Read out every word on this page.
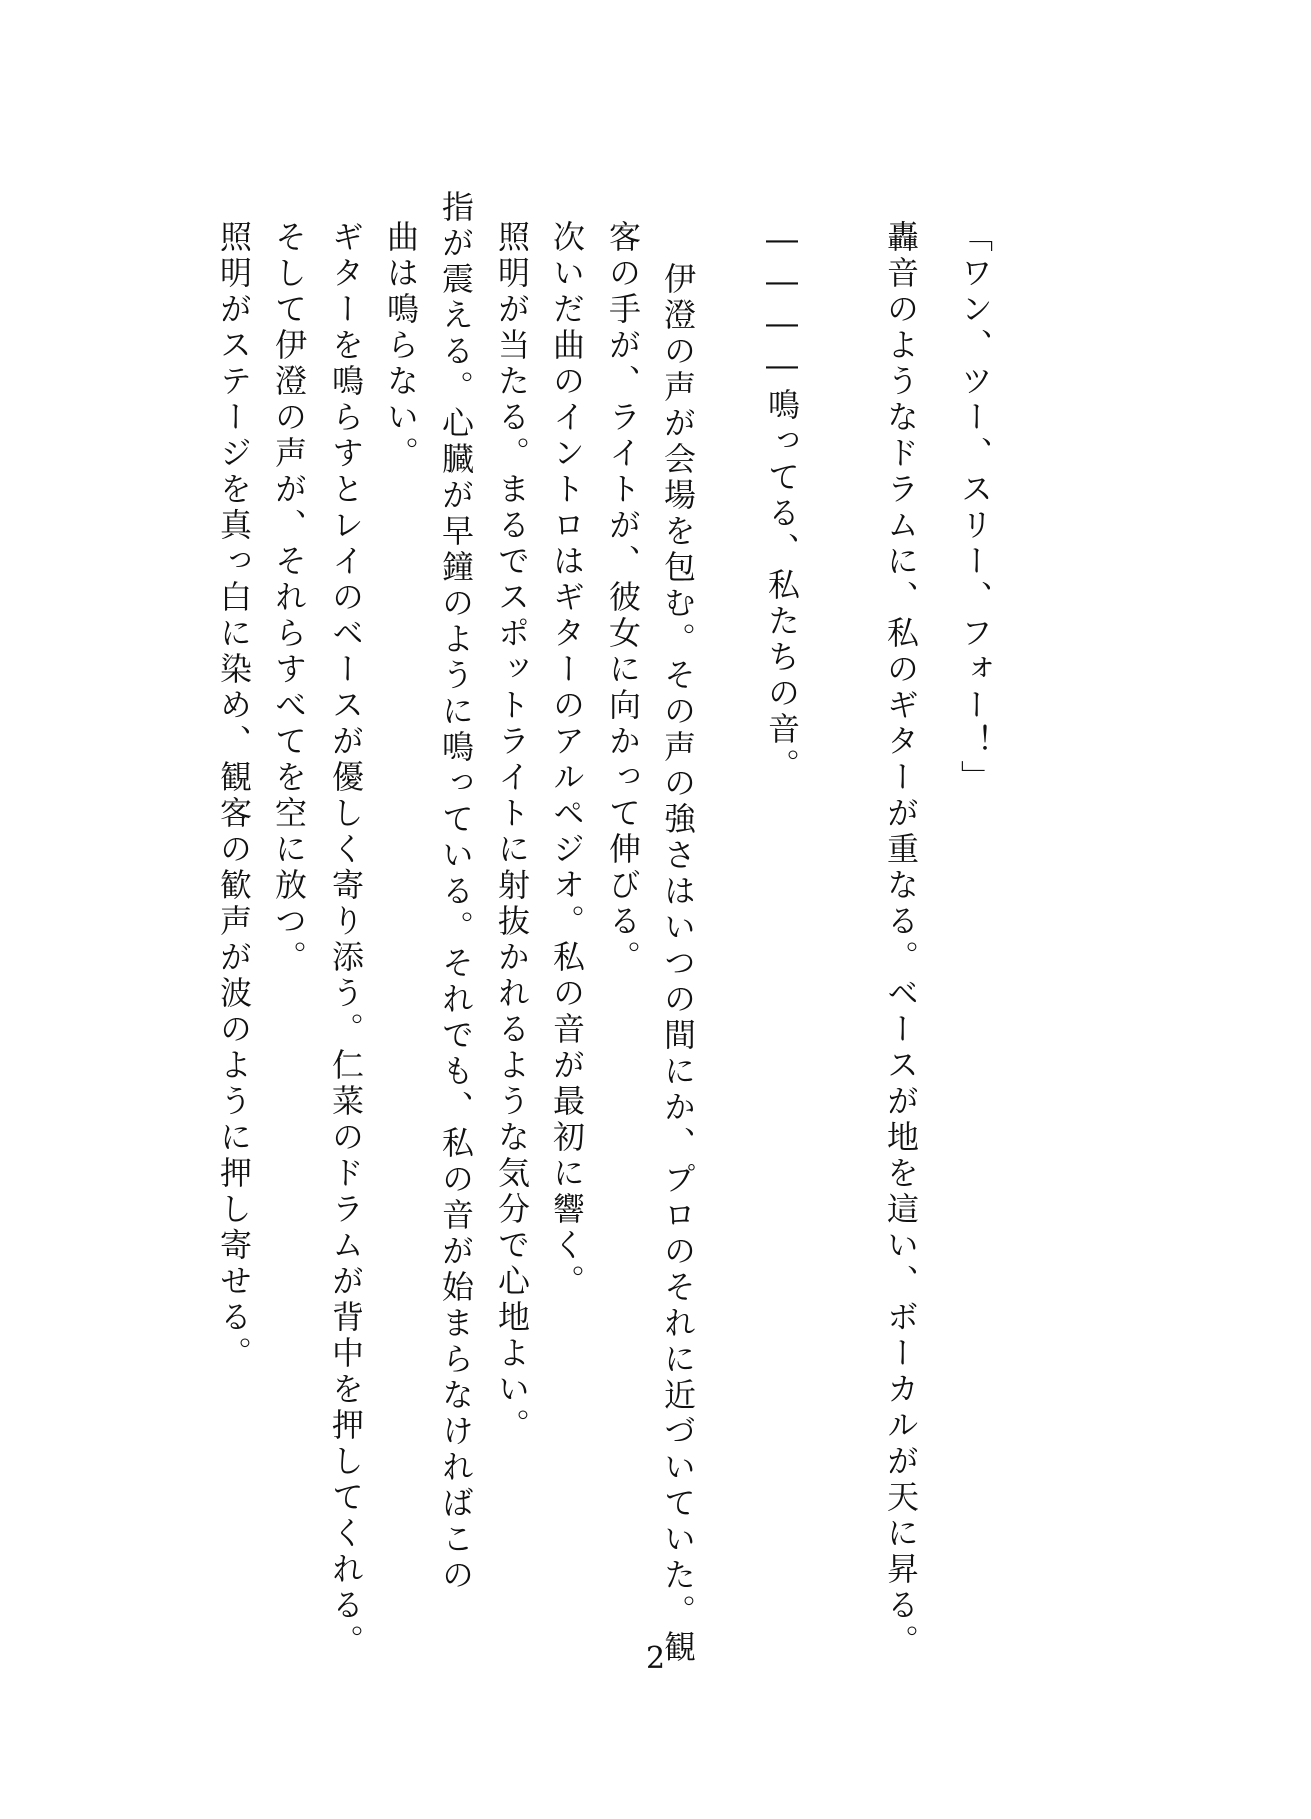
「ワン、ツー、スリー、フォー！」
轟音のようなドラムに、私のギターが重なる。ベースが地を這い、ボーカルが天に昇る。
――――鳴ってる、私たちの音。
伊澄の声が会場を包む。その声の強さはいつの間にか、プロのそれに近づいていた。観
客の手が、ライトが、彼女に向かって伸びる。
次いだ曲のイントロはギターのアルペジオ。私の音が最初に響く。
照明が当たる。まるでスポットライトに射抜かれるような気分で心地よい。
指が震える。心臓が早鐘のように鳴っている。それでも、私の音が始まらなければこの
曲は鳴らない。
ギターを鳴らすとレイのベースが優しく寄り添う。仁菜のドラムが背中を押してくれる。
そして伊澄の声が、それらすべてを空に放つ。
照明がステージを真っ白に染め、観客の歓声が波のように押し寄せる。
2
